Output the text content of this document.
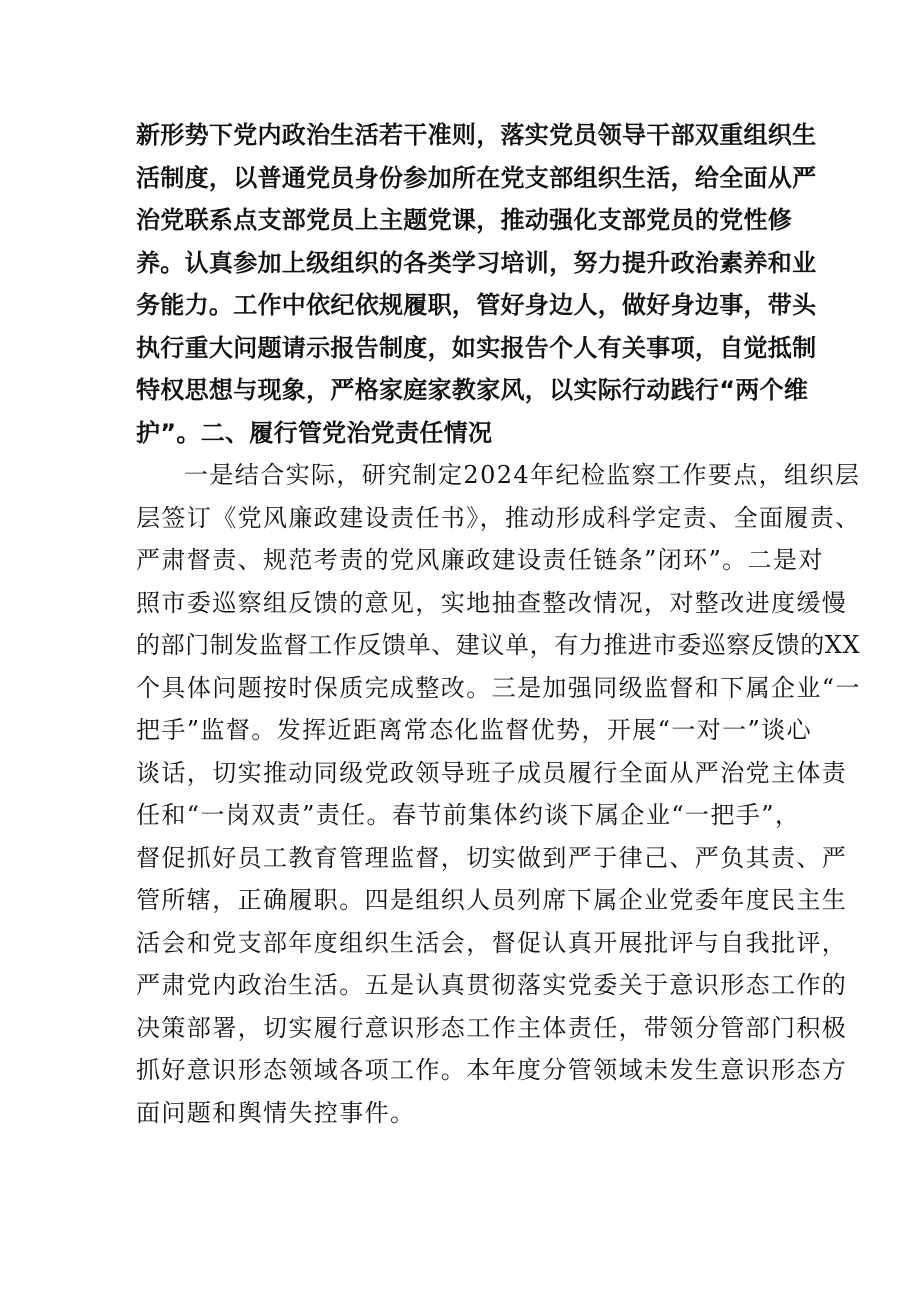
新形势下党内政治生活若干准则，落实党员领导干部双重组织生
活制度，以普通党员身份参加所在党支部组织生活，给全面从严
治党联系点支部党员上主题党课，推动强化支部党员的党性修
养。认真参加上级组织的各类学习培训，努力提升政治素养和业
务能力。工作中依纪依规履职，管好身边人，做好身边事，带头
执行重大问题请示报告制度，如实报告个人有关事项，自觉抵制
特权思想与现象，严格家庭家教家风，以实际行动践行“两个维
护”。二、履行管党治党责任情况
一是结合实际，研究制定2024年纪检监察工作要点，组织层
层签订《党风廉政建设责任书》，推动形成科学定责、全面履责、
严肃督责、规范考责的党风廉政建设责任链条”闭环”。二是对
照市委巡察组反馈的意见，实地抽查整改情况，对整改进度缓慢
的部门制发监督工作反馈单、建议单，有力推进市委巡察反馈的XX
个具体问题按时保质完成整改。三是加强同级监督和下属企业“一
把手”监督。发挥近距离常态化监督优势，开展“一对一”谈心
谈话，切实推动同级党政领导班子成员履行全面从严治党主体责
任和“一岗双责”责任。春节前集体约谈下属企业“一把手”，
督促抓好员工教育管理监督，切实做到严于律己、严负其责、严
管所辖，正确履职。四是组织人员列席下属企业党委年度民主生
活会和党支部年度组织生活会，督促认真开展批评与自我批评，
严肃党内政治生活。五是认真贯彻落实党委关于意识形态工作的
决策部署，切实履行意识形态工作主体责任，带领分管部门积极
抓好意识形态领域各项工作。本年度分管领域未发生意识形态方
面问题和舆情失控事件。
